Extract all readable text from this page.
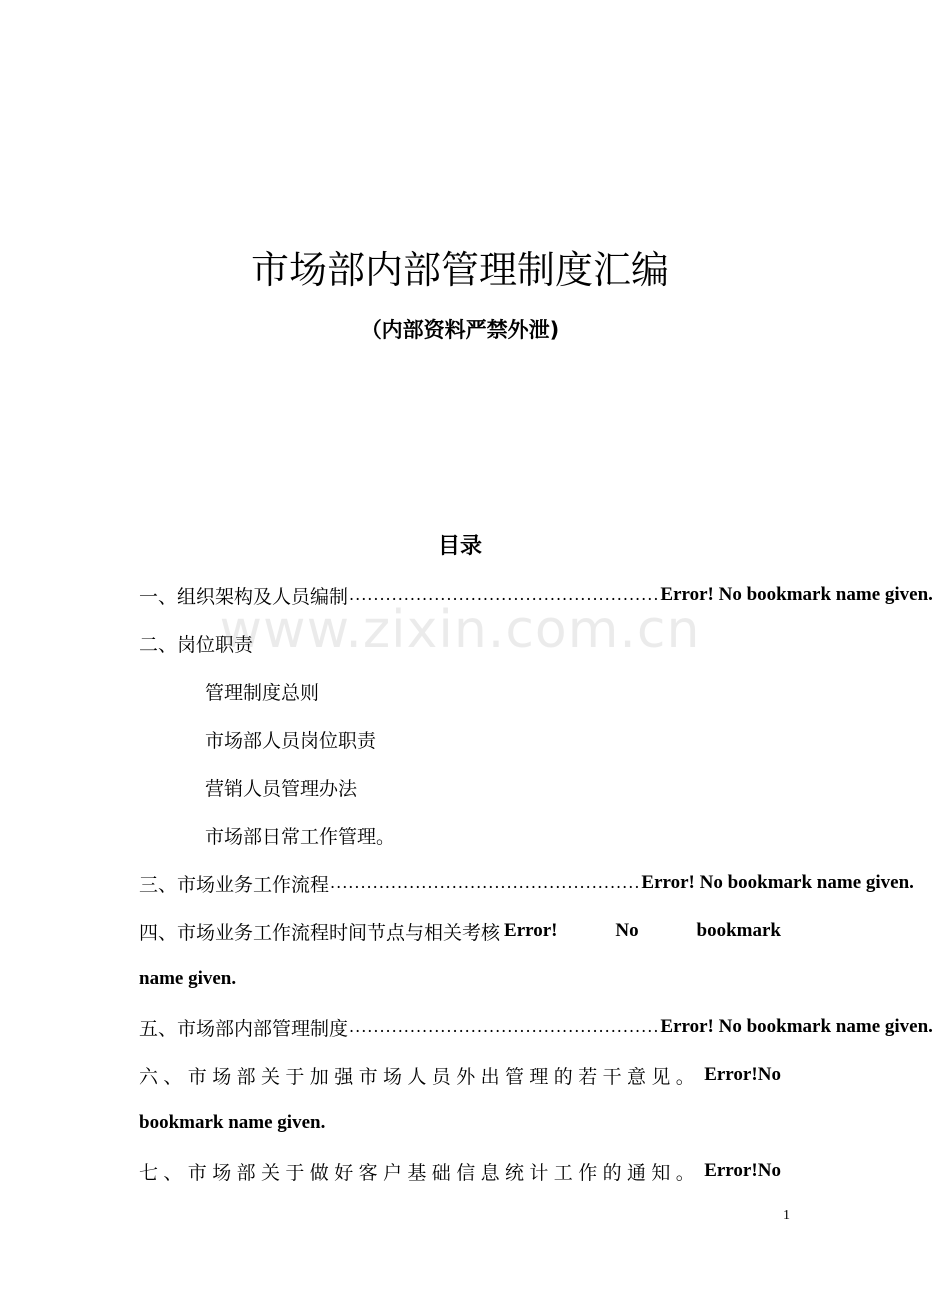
市场部内部管理制度汇编
（内部资料严禁外泄)
目录
www.zixin.com.cn
一、组织架构及人员编制 ................................................... Error! No bookmark name given.
二、岗位职责
管理制度总则
市场部人员岗位职责
营销人员管理办法
市场部日常工作管理。
三、市场业务工作流程 ................................................... Error! No bookmark name given.
四、市场业务工作流程时间节点与相关考核 Error!	No	bookmark
name given.
五、市场部内部管理制度 ................................................... Error! No bookmark name given.
六、市场部关于加强市场人员外出管理的若干意见。 Error! No
bookmark name given.
七、市场部关于做好客户基础信息统计工作的通知。 Error! No
1
